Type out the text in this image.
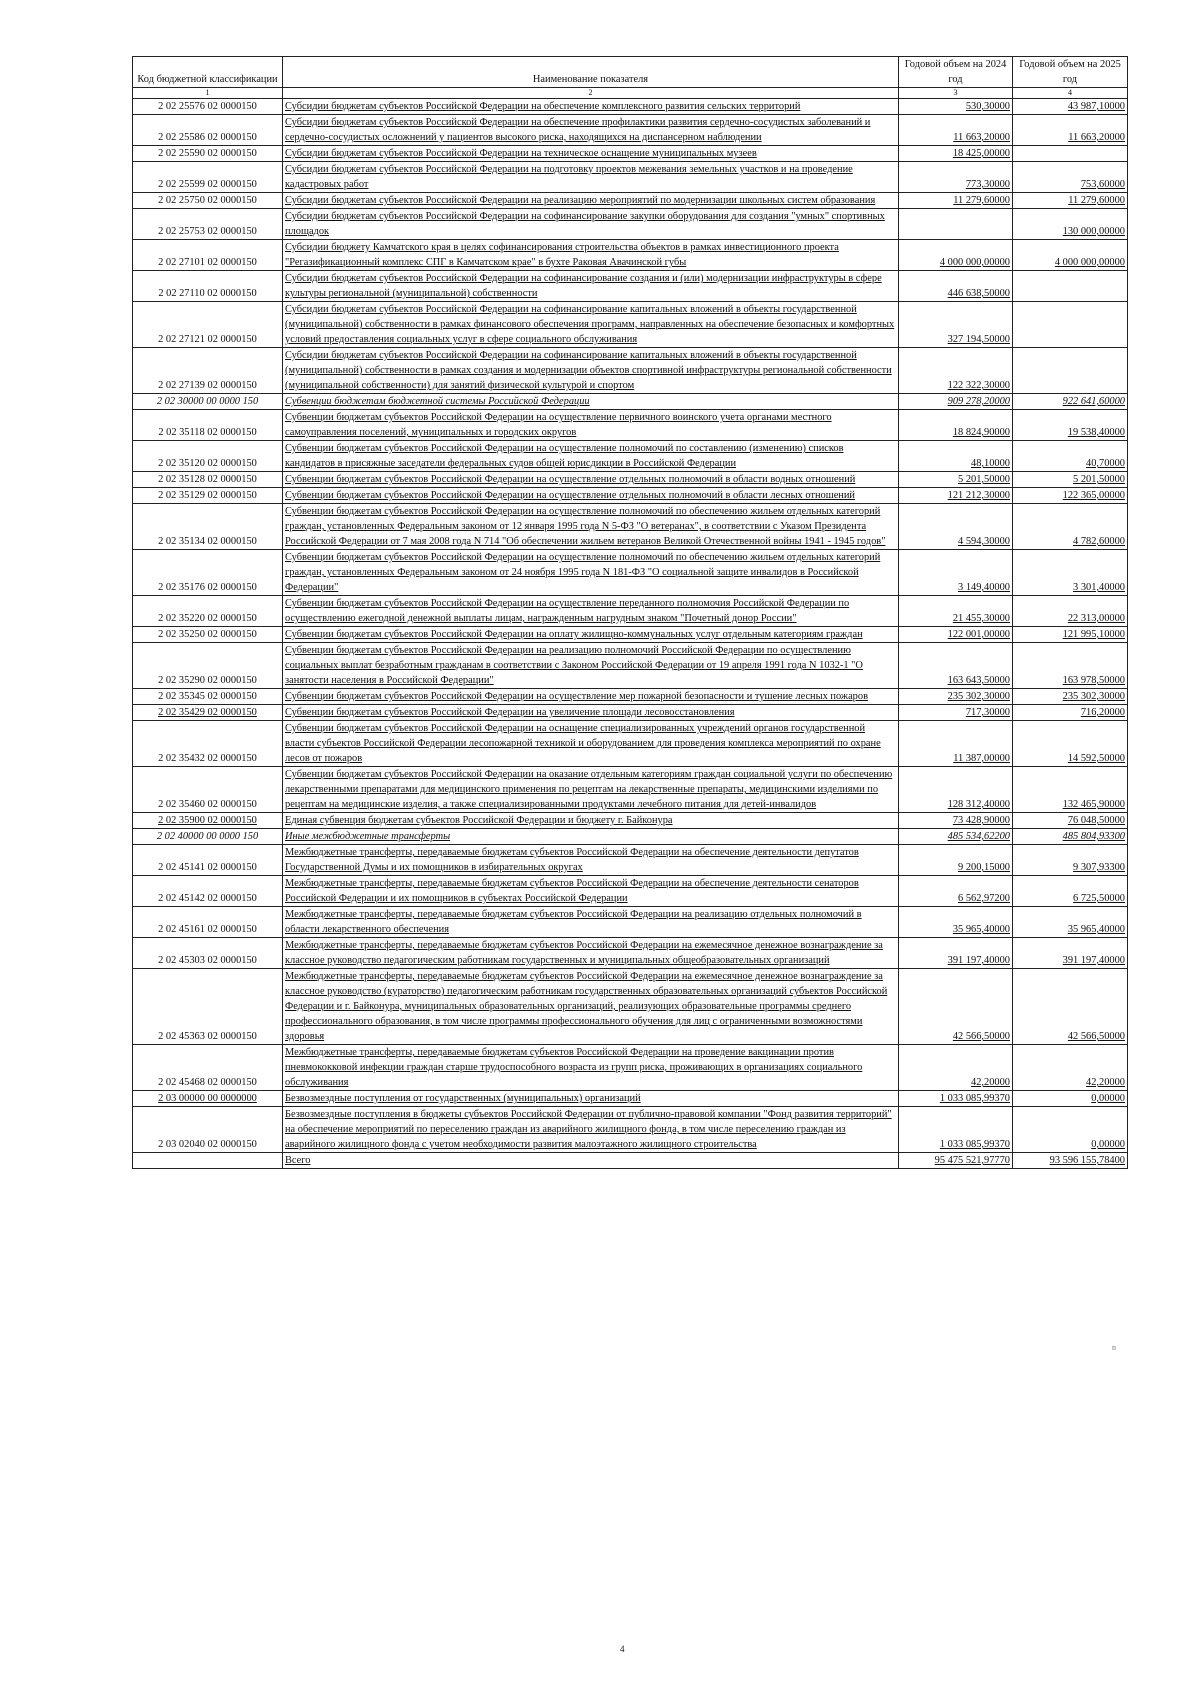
Код бюджетной классификации	Наименование показателя	Годовой объем на 2024 год	Годовой объем на 2025 год
1	2	3	4
2 02 25576 02 0000150	Субсидии бюджетам субъектов Российской Федерации на обеспечение комплексного развития сельских территорий	530,30000	43 987,10000
2 02 25586 02 0000150	Субсидии бюджетам субъектов Российской Федерации на обеспечение профилактики развития сердечно-сосудистых заболеваний и сердечно-сосудистых осложнений у пациентов высокого риска, находящихся на диспансерном наблюдении	11 663,20000	11 663,20000
2 02 25590 02 0000150	Субсидии бюджетам субъектов Российской Федерации на техническое оснащение муниципальных музеев	18 425,00000	
2 02 25599 02 0000150	Субсидии бюджетам субъектов Российской Федерации на подготовку проектов межевания земельных участков и на проведение кадастровых работ	773,30000	753,60000
2 02 25750 02 0000150	Субсидии бюджетам субъектов Российской Федерации на реализацию мероприятий по модернизации школьных систем образования	11 279,60000	11 279,60000
2 02 25753 02 0000150	Субсидии бюджетам субъектов Российской Федерации на софинансирование закупки оборудования для создания "умных" спортивных площадок		130 000,00000
2 02 27101 02 0000150	Субсидии бюджету Камчатского края в целях софинансирования строительства объектов в рамках инвестиционного проекта "Регазификационный комплекс СПГ в Камчатском крае" в бухте Раковая Авачинской губы	4 000 000,00000	4 000 000,00000
2 02 27110 02 0000150	Субсидии бюджетам субъектов Российской Федерации на софинансирование создания и (или) модернизации инфраструктуры в сфере культуры региональной (муниципальной) собственности	446 638,50000	
2 02 27121 02 0000150	Субсидии бюджетам субъектов Российской Федерации на софинансирование капитальных вложений в объекты государственной (муниципальной) собственности в рамках финансового обеспечения программ, направленных на обеспечение безопасных и комфортных условий предоставления социальных услуг в сфере социального обслуживания	327 194,50000	
2 02 27139 02 0000150	Субсидии бюджетам субъектов Российской Федерации на софинансирование капитальных вложений в объекты государственной (муниципальной) собственности в рамках создания и модернизации объектов спортивной инфраструктуры региональной собственности (муниципальной собственности) для занятий физической культурой и спортом	122 322,30000	
2 02 30000 00 0000 150	Субвенции бюджетам бюджетной системы Российской Федерации	909 278,20000	922 641,60000
2 02 35118 02 0000150	Субвенции бюджетам субъектов Российской Федерации на осуществление первичного воинского учета органами местного самоуправления поселений, муниципальных и городских округов	18 824,90000	19 538,40000
2 02 35120 02 0000150	Субвенции бюджетам субъектов Российской Федерации на осуществление полномочий по составлению (изменению) списков кандидатов в присяжные заседатели федеральных судов общей юрисдикции в Российской Федерации	48,10000	40,70000
2 02 35128 02 0000150	Субвенции бюджетам субъектов Российской Федерации на осуществление отдельных полномочий в области водных отношений	5 201,50000	5 201,50000
2 02 35129 02 0000150	Субвенции бюджетам субъектов Российской Федерации на осуществление отдельных полномочий в области лесных отношений	121 212,30000	122 365,00000
2 02 35134 02 0000150	Субвенции бюджетам субъектов Российской Федерации на осуществление полномочий по обеспечению жильем отдельных категорий граждан, установленных Федеральным законом от 12 января 1995 года N 5-ФЗ "О ветеранах", в соответствии с Указом Президента Российской Федерации от 7 мая 2008 года N 714 "Об обеспечении жильем ветеранов Великой Отечественной войны 1941 - 1945 годов"	4 594,30000	4 782,60000
2 02 35176 02 0000150	Субвенции бюджетам субъектов Российской Федерации на осуществление полномочий по обеспечению жильем отдельных категорий граждан, установленных Федеральным законом от 24 ноября 1995 года N 181-ФЗ "О социальной защите инвалидов в Российской Федерации"	3 149,40000	3 301,40000
2 02 35220 02 0000150	Субвенции бюджетам субъектов Российской Федерации на осуществление переданного полномочия Российской Федерации по осуществлению ежегодной денежной выплаты лицам, награжденным нагрудным знаком "Почетный донор России"	21 455,30000	22 313,00000
2 02 35250 02 0000150	Субвенции бюджетам субъектов Российской Федерации на оплату жилищно-коммунальных услуг отдельным категориям граждан	122 001,00000	121 995,10000
2 02 35290 02 0000150	Субвенции бюджетам субъектов Российской Федерации на реализацию полномочий Российской Федерации по осуществлению социальных выплат безработным гражданам в соответствии с Законом Российской Федерации от 19 апреля 1991 года N 1032-1 "О занятости населения в Российской Федерации"	163 643,50000	163 978,50000
2 02 35345 02 0000150	Субвенции бюджетам субъектов Российской Федерации на осуществление мер пожарной безопасности и тушение лесных пожаров	235 302,30000	235 302,30000
2 02 35429 02 0000150	Субвенции бюджетам субъектов Российской Федерации на увеличение площади лесовосстановления	717,30000	716,20000
2 02 35432 02 0000150	Субвенции бюджетам субъектов Российской Федерации на оснащение специализированных учреждений органов государственной власти субъектов Российской Федерации лесопожарной техникой и оборудованием для проведения комплекса мероприятий по охране лесов от пожаров	11 387,00000	14 592,50000
2 02 35460 02 0000150	Субвенции бюджетам субъектов Российской Федерации на оказание отдельным категориям граждан социальной услуги по обеспечению лекарственными препаратами для медицинского применения по рецептам на лекарственные препараты, медицинскими изделиями по рецептам на медицинские изделия, а также специализированными продуктами лечебного питания для детей-инвалидов	128 312,40000	132 465,90000
2 02 35900 02 0000150	Единая субвенция бюджетам субъектов Российской Федерации и бюджету г. Байконура	73 428,90000	76 048,50000
2 02 40000 00 0000 150	Иные межбюджетные трансферты	485 534,62200	485 804,93300
2 02 45141 02 0000150	Межбюджетные трансферты, передаваемые бюджетам субъектов Российской Федерации на обеспечение деятельности депутатов Государственной Думы и их помощников в избирательных округах	9 200,15000	9 307,93300
2 02 45142 02 0000150	Межбюджетные трансферты, передаваемые бюджетам субъектов Российской Федерации на обеспечение деятельности сенаторов Российской Федерации и их помощников в субъектах Российской Федерации	6 562,97200	6 725,50000
2 02 45161 02 0000150	Межбюджетные трансферты, передаваемые бюджетам субъектов Российской Федерации на реализацию отдельных полномочий в области лекарственного обеспечения	35 965,40000	35 965,40000
2 02 45303 02 0000150	Межбюджетные трансферты, передаваемые бюджетам субъектов Российской Федерации на ежемесячное денежное вознаграждение за классное руководство педагогическим работникам государственных и муниципальных общеобразовательных организаций	391 197,40000	391 197,40000
2 02 45363 02 0000150	Межбюджетные трансферты, передаваемые бюджетам субъектов Российской Федерации на ежемесячное денежное вознаграждение за классное руководство (кураторство) педагогическим работникам государственных образовательных организаций субъектов Российской Федерации и г. Байконура, муниципальных образовательных организаций, реализующих образовательные программы среднего профессионального образования, в том числе программы профессионального обучения для лиц с ограниченными возможностями здоровья	42 566,50000	42 566,50000
2 02 45468 02 0000150	Межбюджетные трансферты, передаваемые бюджетам субъектов Российской Федерации на проведение вакцинации против пневмококковой инфекции граждан старше трудоспособного возраста из групп риска, проживающих в организациях социального обслуживания	42,20000	42,20000
2 03 00000 00 0000000	Безвозмездные поступления от государственных (муниципальных) организаций	1 033 085,99370	0,00000
2 03 02040 02 0000150	Безвозмездные поступления в бюджеты субъектов Российской Федерации от публично-правовой компании "Фонд развития территорий" на обеспечение мероприятий по переселению граждан из аварийного жилищного фонда, в том числе переселению граждан из аварийного жилищного фонда с учетом необходимости развития малоэтажного жилищного строительства	1 033 085,99370	0,00000
	Всего	95 475 521,97770	93 596 155,78400
4
n
